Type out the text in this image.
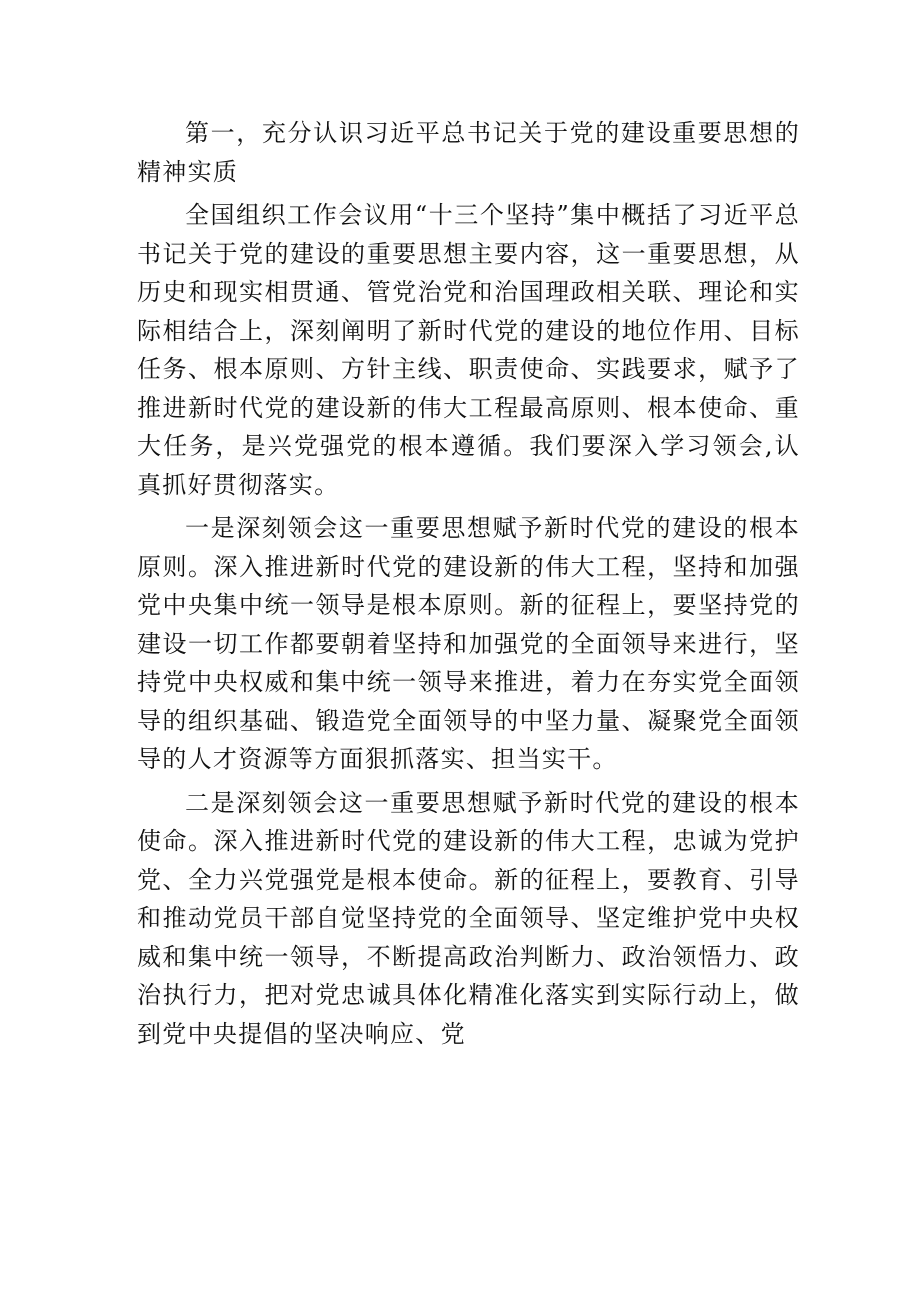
第一，充分认识习近平总书记关于党的建设重要思想的精神实质

全国组织工作会议用“十三个坚持”集中概括了习近平总书记关于党的建设的重要思想主要内容，这一重要思想，从历史和现实相贯通、管党治党和治国理政相关联、理论和实际相结合上，深刻阐明了新时代党的建设的地位作用、目标任务、根本原则、方针主线、职责使命、实践要求，赋予了推进新时代党的建设新的伟大工程最高原则、根本使命、重大任务，是兴党强党的根本遵循。我们要深入学习领会,认真抓好贯彻落实。

一是深刻领会这一重要思想赋予新时代党的建设的根本原则。深入推进新时代党的建设新的伟大工程，坚持和加强党中央集中统一领导是根本原则。新的征程上，要坚持党的建设一切工作都要朝着坚持和加强党的全面领导来进行，坚持党中央权威和集中统一领导来推进，着力在夯实党全面领导的组织基础、锻造党全面领导的中坚力量、凝聚党全面领导的人才资源等方面狠抓落实、担当实干。

二是深刻领会这一重要思想赋予新时代党的建设的根本使命。深入推进新时代党的建设新的伟大工程，忠诚为党护党、全力兴党强党是根本使命。新的征程上，要教育、引导和推动党员干部自觉坚持党的全面领导、坚定维护党中央权威和集中统一领导，不断提高政治判断力、政治领悟力、政治执行力，把对党忠诚具体化精准化落实到实际行动上，做到党中央提倡的坚决响应、党
